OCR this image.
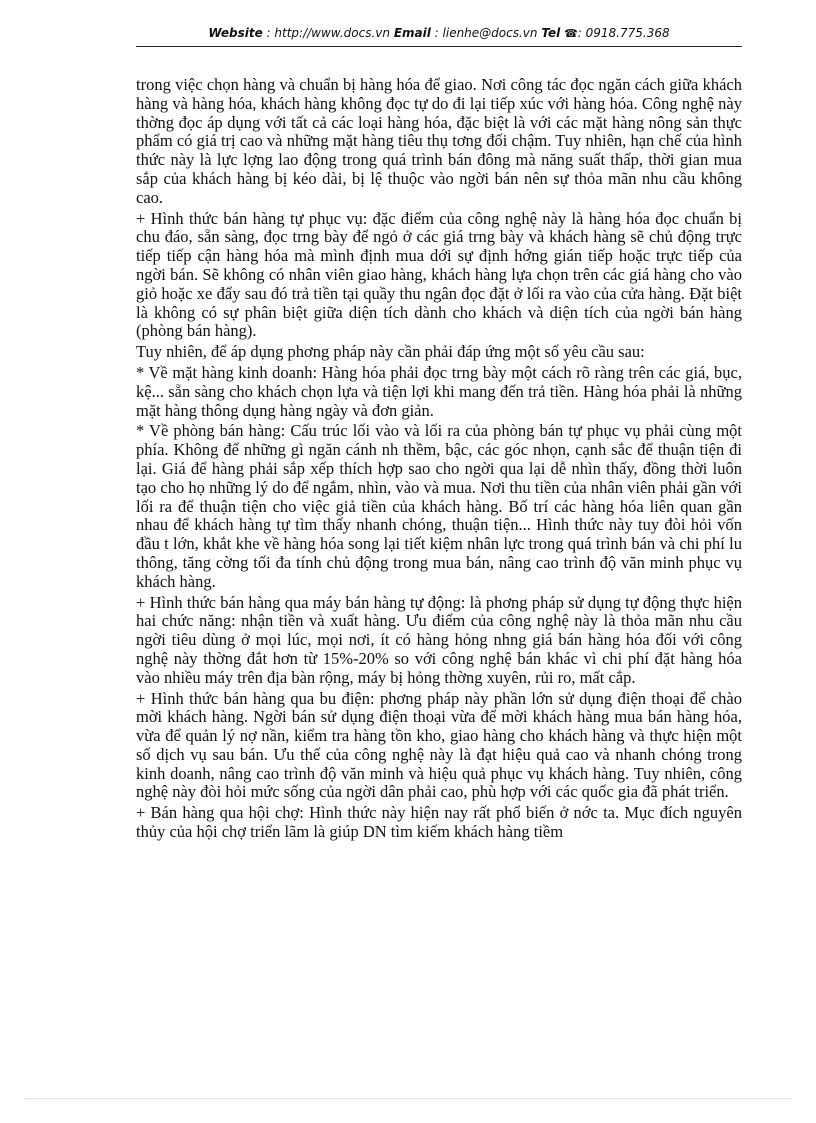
Website : http://www.docs.vn Email : lienhe@docs.vn Tel ☎: 0918.775.368

trong việc chọn hàng và chuẩn bị hàng hóa để giao. Nơi công tác đọc ngăn cách giữa khách hàng và hàng hóa, khách hàng không đọc tự do đi lại tiếp xúc với hàng hóa. Công nghệ này thờng đọc áp dụng với tất cả các loại hàng hóa, đặc biệt là với các mặt hàng nông sản thực phẩm có giá trị cao và những mặt hàng tiêu thụ tơng đối chậm. Tuy nhiên, hạn chế của hình thức này là lực lợng lao động trong quá trình bán đông mà năng suất thấp, thời gian mua sắp của khách hàng bị kéo dài, bị lệ thuộc vào ngời bán nên sự thỏa mãn nhu cầu không cao.

+ Hình thức bán hàng tự phục vụ: đặc điểm của công nghệ này là hàng hóa đọc chuẩn bị chu đáo, sẵn sàng, đọc trng bày để ngỏ ở các giá trng bày và khách hàng sẽ chủ động trực tiếp tiếp cận hàng hóa mà mình định mua dới sự định hớng gián tiếp hoặc trực tiếp của ngời bán. Sẽ không có nhân viên giao hàng, khách hàng lựa chọn trên các giá hàng cho vào giỏ hoặc xe đẩy sau đó trả tiền tại quầy thu ngân đọc đặt ở lối ra vào của cửa hàng. Đặt biệt là không có sự phân biệt giữa diện tích dành cho khách và diện tích của ngời bán hàng (phòng bán hàng).

Tuy nhiên, để áp dụng phơng pháp này cần phải đáp ứng một số yêu cầu sau:

* Về mặt hàng kinh doanh: Hàng hóa phải đọc trng bày một cách rõ ràng trên các giá, bục, kệ... sẵn sàng cho khách chọn lựa và tiện lợi khi mang đến trả tiền. Hàng hóa phải là những mặt hàng thông dụng hàng ngày và đơn giản.

* Về phòng bán hàng: Cấu trúc lối vào và lối ra của phòng bán tự phục vụ phải cùng một phía. Không để những gì ngăn cánh nh thềm, bậc, các góc nhọn, cạnh sắc để thuận tiện đi lại. Giá để hàng phải sắp xếp thích hợp sao cho ngời qua lại dễ nhìn thấy, đồng thời luôn tạo cho họ những lý do để ngắm, nhìn, vào và mua. Nơi thu tiền của nhân viên phải gần với lối ra để thuận tiện cho việc giả tiền của khách hàng. Bố trí các hàng hóa liên quan gần nhau để khách hàng tự tìm thấy nhanh chóng, thuận tiện... Hình thức này tuy đòi hỏi vốn đầu t lớn, khắt khe về hàng hóa song lại tiết kiệm nhân lực trong quá trình bán và chi phí lu thông, tăng cờng tối đa tính chủ động trong mua bán, nâng cao trình độ văn minh phục vụ khách hàng.

+ Hình thức bán hàng qua máy bán hàng tự động: là phơng pháp sử dụng tự động thực hiện hai chức năng: nhận tiền và xuất hàng. Ưu điểm của công nghệ này là thỏa mãn nhu cầu ngời tiêu dùng ở mọi lúc, mọi nơi, ít có hàng hỏng nhng giá bán hàng hóa đối với công nghệ này thờng đắt hơn từ 15%-20% so với công nghệ bán khác vì chi phí đặt hàng hóa vào nhiều máy trên địa bàn rộng, máy bị hỏng thờng xuyên, rủi ro, mất cắp.

+ Hình thức bán hàng qua bu điện: phơng pháp này phần lớn sử dụng điện thoại để chào mời khách hàng. Ngời bán sử dụng điện thoại vừa để mời khách hàng mua bán hàng hóa, vừa để quản lý nợ nần, kiểm tra hàng tồn kho, giao hàng cho khách hàng và thực hiện một số dịch vụ sau bán. Ưu thế của công nghệ này là đạt hiệu quả cao và nhanh chóng trong kinh doanh, nâng cao trình độ văn minh và hiệu quả phục vụ khách hàng. Tuy nhiên, công nghệ này đòi hỏi mức sống của ngời dân phải cao, phù hợp với các quốc gia đã phát triển.

+ Bán hàng qua hội chợ: Hình thức này hiện nay rất phổ biến ở nớc ta. Mục đích nguyên thủy của hội chợ triển lãm là giúp DN tìm kiếm khách hàng tiềm
